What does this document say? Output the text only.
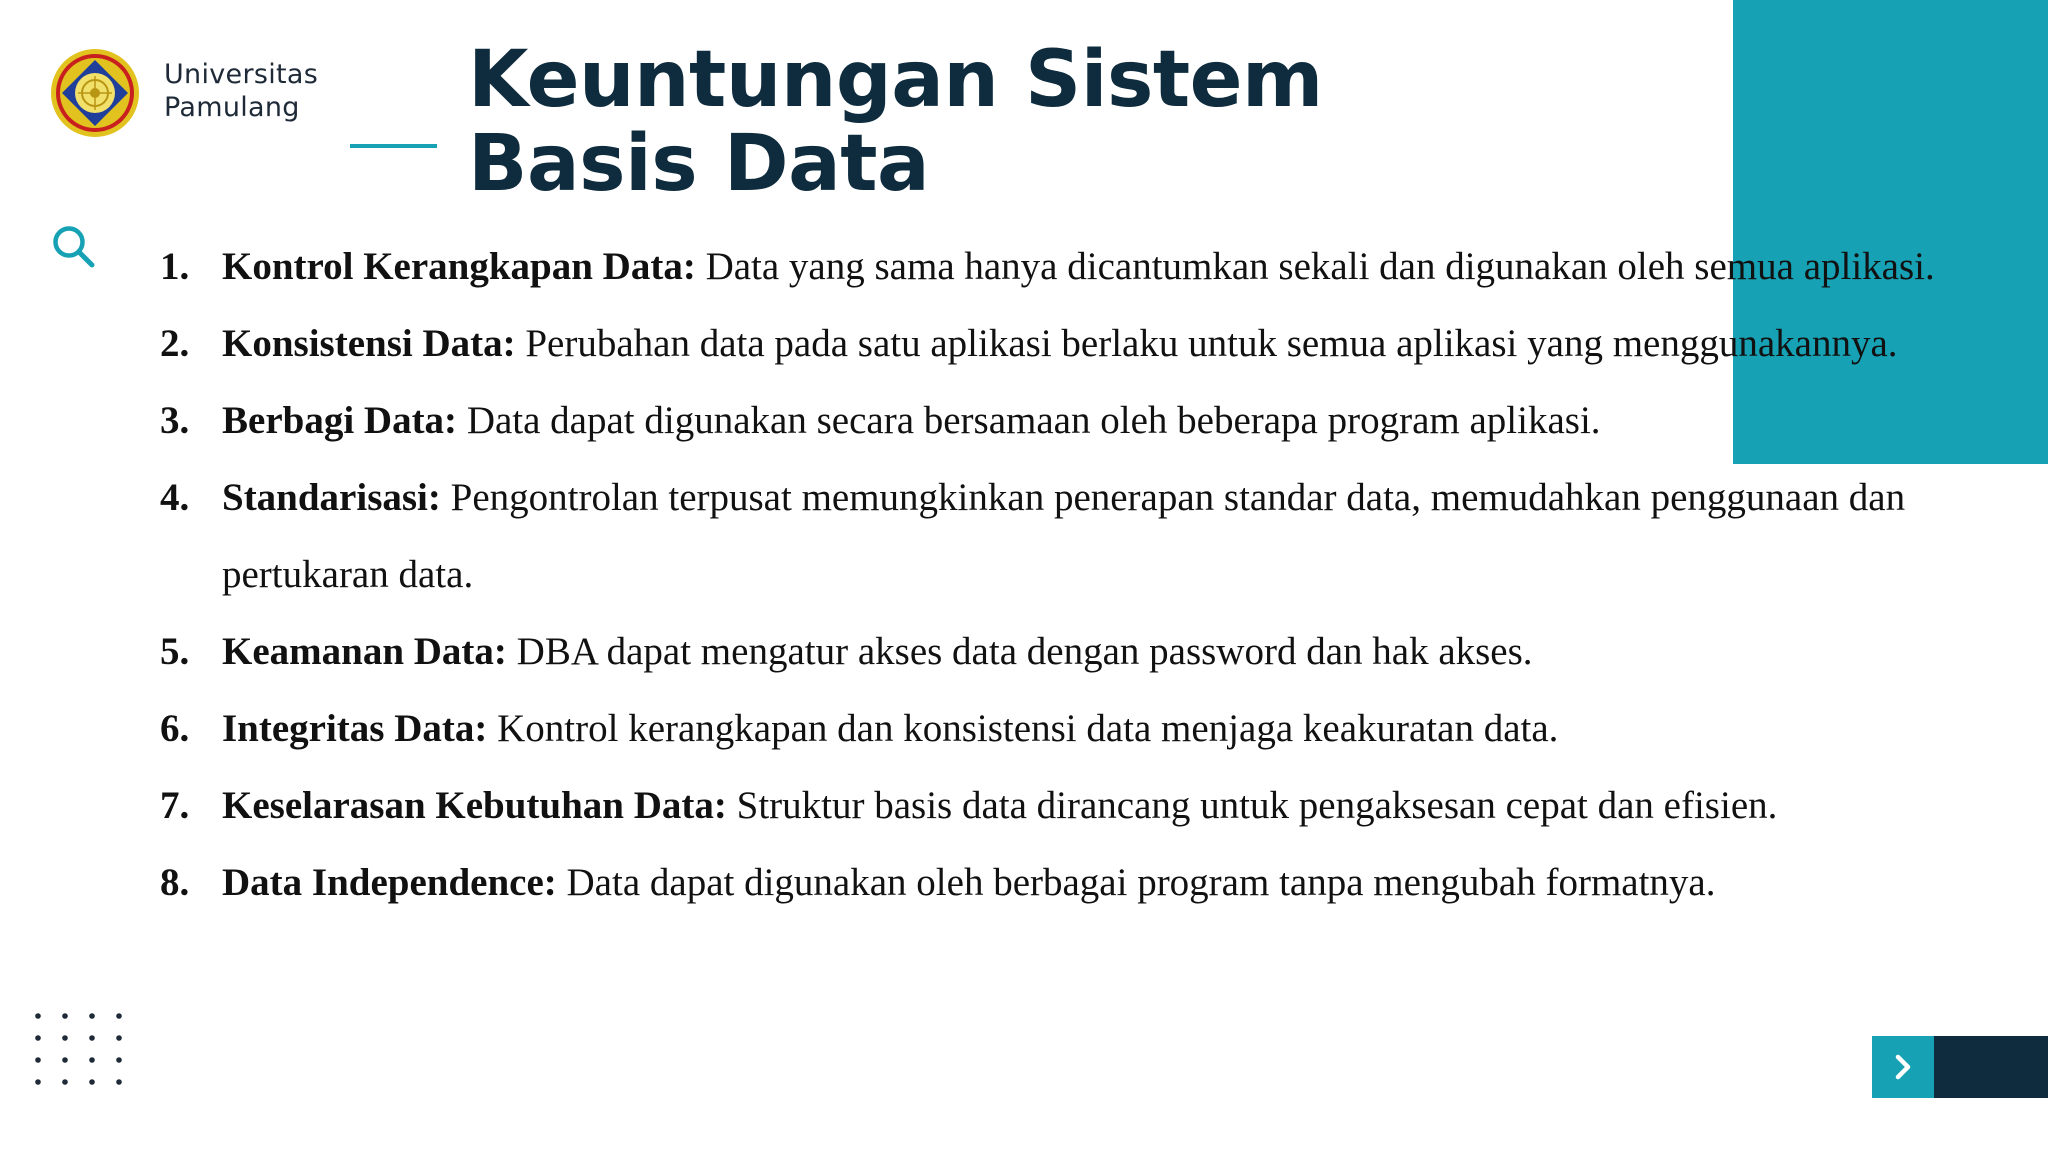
Universitas
Pamulang Keuntungan Sistem
Basis Data
1. Kontrol Kerangkapan Data: Data yang sama hanya dicantumkan sekali dan digunakan oleh semua aplikasi.
2. Konsistensi Data: Perubahan data pada satu aplikasi berlaku untuk semua aplikasi yang menggunakannya.
3. Berbagi Data: Data dapat digunakan secara bersamaan oleh beberapa program aplikasi.
4. Standarisasi: Pengontrolan terpusat memungkinkan penerapan standar data, memudahkan penggunaan dan pertukaran data.
5. Keamanan Data: DBA dapat mengatur akses data dengan password dan hak akses.
6. Integritas Data: Kontrol kerangkapan dan konsistensi data menjaga keakuratan data.
7. Keselarasan Kebutuhan Data: Struktur basis data dirancang untuk pengaksesan cepat dan efisien.
8. Data Independence: Data dapat digunakan oleh berbagai program tanpa mengubah formatnya.
